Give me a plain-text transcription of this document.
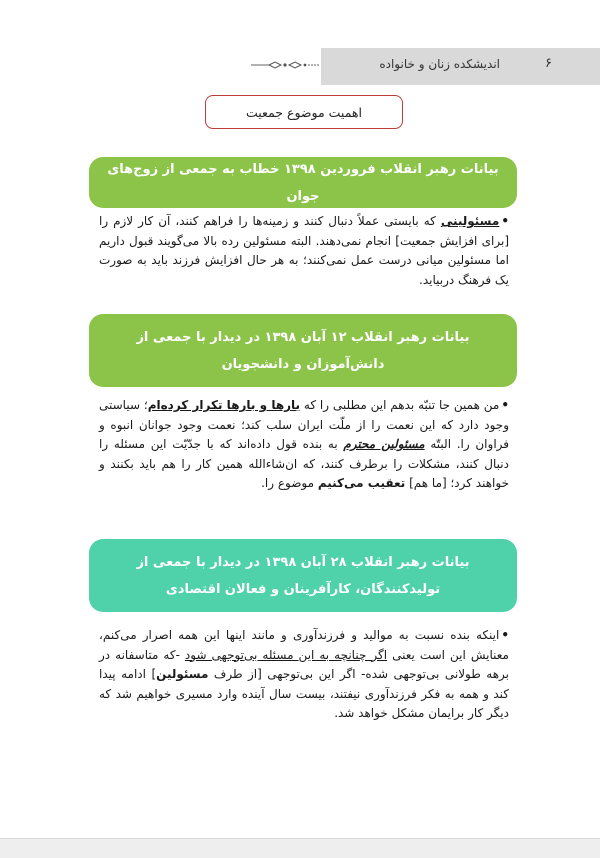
۶
اندیشکده زنان و خانواده
اهمیت موضوع جمعیت
بیانات رهبر انقلاب فروردین ۱۳۹۸ خطاب به جمعی از زوج‌های جوان
•مسئولینی که بایستی عملاً دنبال کنند و زمینه‌ها را فراهم کنند، آن کار لازم را [برای افزایش جمعیت] انجام نمی‌دهند. البته مسئولین رده بالا می‌گویند قبول داریم اما مسئولین میانی درست عمل نمی‌کنند؛ به هر حال افزایش فرزند باید به صورت یک فرهنگ دربیاید.
بیانات رهبر انقلاب ۱۲ آبان ۱۳۹۸ در دیدار با جمعی از دانش‌آموزان و دانشجویان
•من همین جا تنبّه بدهم این مطلبی را که بارها و بارها تکرار کرده‌ام؛ سیاستی وجود دارد که این نعمت را از ملّت ایران سلب کند؛ نعمت وجود جوانان انبوه و فراوان را. البتّه مسئولین محترم به بنده قول داده‌اند که با جدّیّت این مسئله را دنبال کنند، مشکلات را برطرف کنند، که ان‌شاءالله همین کار را هم باید بکنند و خواهند کرد؛ [ما هم] تعقیب می‌کنیم موضوع را.
بیانات رهبر انقلاب ۲۸ آبان ۱۳۹۸ در دیدار با جمعی از تولیدکنندگان، کارآفرینان و فعالان اقتصادی
•اینکه بنده نسبت به موالید و فرزندآوری و مانند اینها این همه اصرار می‌کنم، معنایش این است یعنی اگر چنانچه به این مسئله بی‌توجهی شود -که متاسفانه در برهه طولانی بی‌توجهی شده- اگر این بی‌توجهی [از طرف مسئولین] ادامه پیدا کند و همه به فکر فرزندآوری نیفتند، بیست سال آینده وارد مسیری خواهیم شد که دیگر کار برایمان مشکل خواهد شد.
